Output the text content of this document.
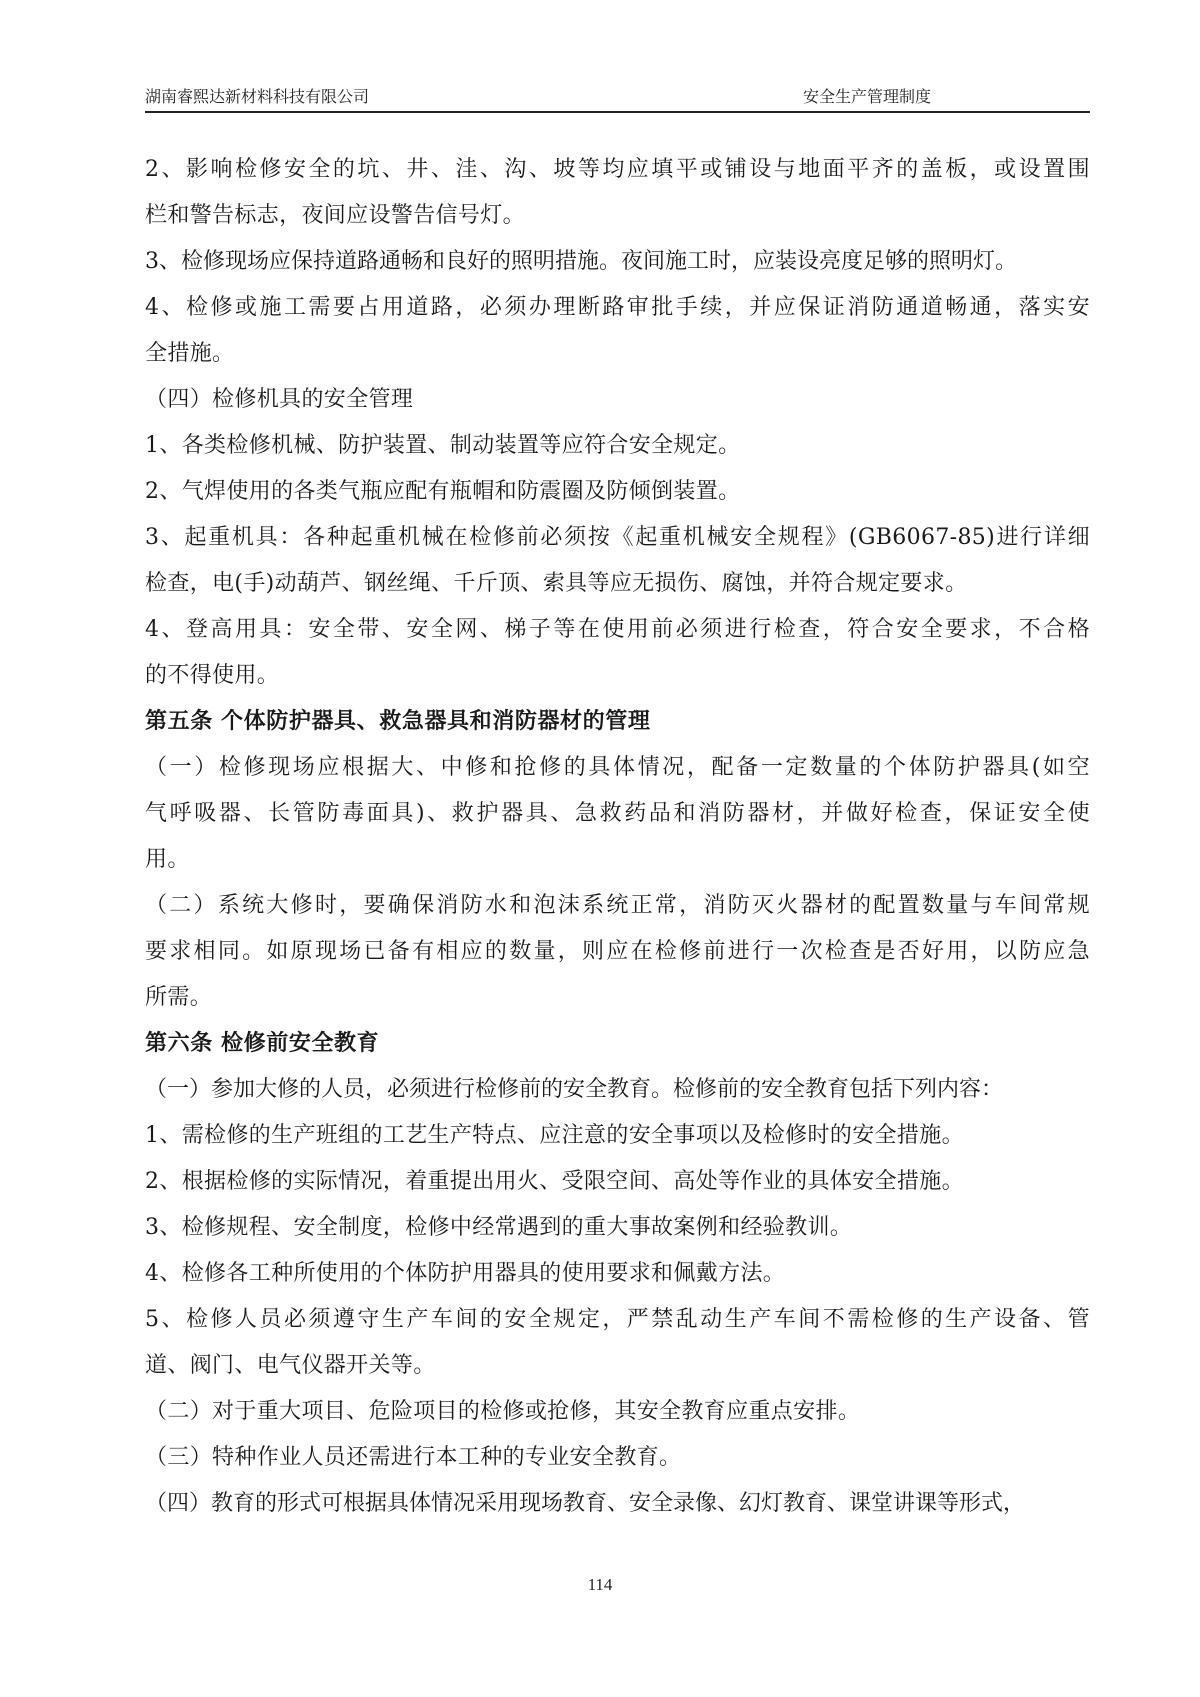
湖南睿熙达新材料科技有限公司	安全生产管理制度
2、影响检修安全的坑、井、洼、沟、坡等均应填平或铺设与地面平齐的盖板，或设置围
栏和警告标志，夜间应设警告信号灯。
3、检修现场应保持道路通畅和良好的照明措施。夜间施工时，应装设亮度足够的照明灯。
4、检修或施工需要占用道路，必须办理断路审批手续，并应保证消防通道畅通，落实安
全措施。
（四）检修机具的安全管理
1、各类检修机械、防护装置、制动装置等应符合安全规定。
2、气焊使用的各类气瓶应配有瓶帽和防震圈及防倾倒装置。
3、起重机具：各种起重机械在检修前必须按《起重机械安全规程》(GB6067-85)进行详细
检查，电(手)动葫芦、钢丝绳、千斤顶、索具等应无损伤、腐蚀，并符合规定要求。
4、登高用具：安全带、安全网、梯子等在使用前必须进行检查，符合安全要求，不合格
的不得使用。
第五条 个体防护器具、救急器具和消防器材的管理
（一）检修现场应根据大、中修和抢修的具体情况，配备一定数量的个体防护器具(如空
气呼吸器、长管防毒面具)、救护器具、急救药品和消防器材，并做好检查，保证安全使
用。
（二）系统大修时，要确保消防水和泡沫系统正常，消防灭火器材的配置数量与车间常规
要求相同。如原现场已备有相应的数量，则应在检修前进行一次检查是否好用，以防应急
所需。
第六条 检修前安全教育
（一）参加大修的人员，必须进行检修前的安全教育。检修前的安全教育包括下列内容：
1、需检修的生产班组的工艺生产特点、应注意的安全事项以及检修时的安全措施。
2、根据检修的实际情况，着重提出用火、受限空间、高处等作业的具体安全措施。
3、检修规程、安全制度，检修中经常遇到的重大事故案例和经验教训。
4、检修各工种所使用的个体防护用器具的使用要求和佩戴方法。
5、检修人员必须遵守生产车间的安全规定，严禁乱动生产车间不需检修的生产设备、管
道、阀门、电气仪器开关等。
（二）对于重大项目、危险项目的检修或抢修，其安全教育应重点安排。
（三）特种作业人员还需进行本工种的专业安全教育。
（四）教育的形式可根据具体情况采用现场教育、安全录像、幻灯教育、课堂讲课等形式，
114
